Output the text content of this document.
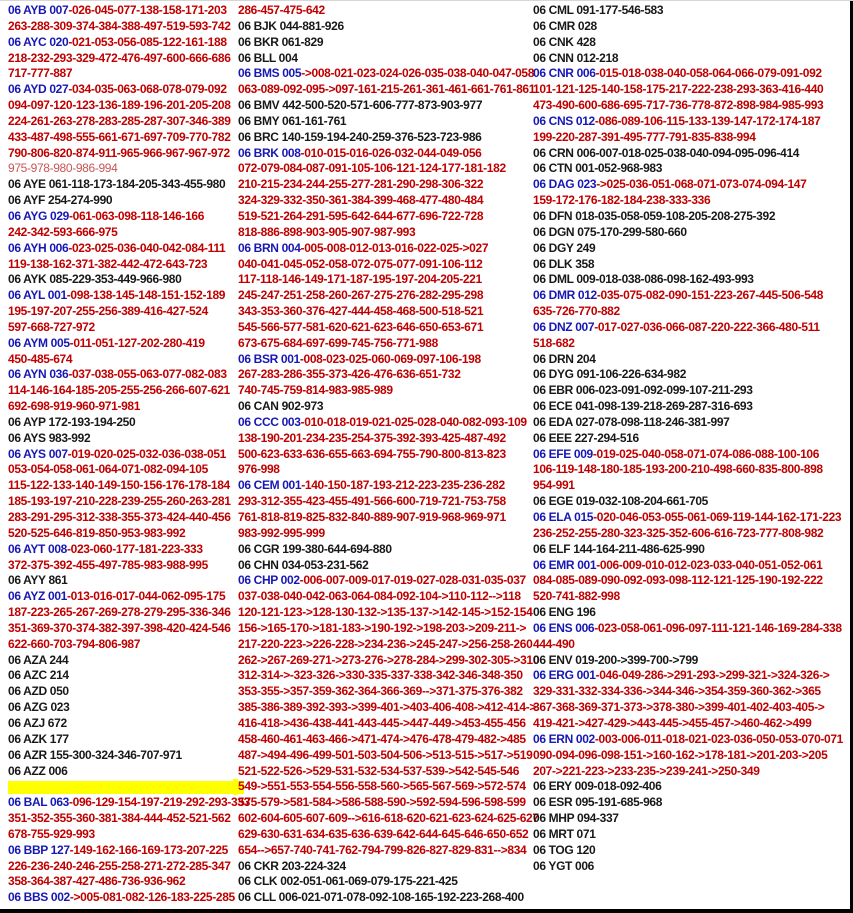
06 AYB 007-026-045-077-138-158-171-203
263-288-309-374-384-388-497-519-593-742
06 AYC 020-021-053-056-085-122-161-188
218-232-293-329-472-476-497-600-666-686
717-777-887
06 AYD 027-034-035-063-068-078-079-092
094-097-120-123-136-189-196-201-205-208
224-261-263-278-283-285-287-307-346-389
433-487-498-555-661-671-697-709-770-782
790-806-820-874-911-965-966-967-967-972
975-978-980-986-994
06 AYE 061-118-173-184-205-343-455-980
06 AYF 254-274-990
06 AYG 029-061-063-098-118-146-166
242-342-593-666-975
06 AYH 006-023-025-036-040-042-084-111
119-138-162-371-382-442-472-643-723
06 AYK 085-229-353-449-966-980
06 AYL 001-098-138-145-148-151-152-189
195-197-207-255-256-389-416-427-524
597-668-727-972
06 AYM 005-011-051-127-202-280-419
450-485-674
06 AYN 036-037-038-055-063-077-082-083
114-146-164-185-205-255-256-266-607-621
692-698-919-960-971-981
06 AYP 172-193-194-250
06 AYS 983-992
06 AYS 007-019-020-025-032-036-038-051
053-054-058-061-064-071-082-094-105
115-122-133-140-149-150-156-176-178-184
185-193-197-210-228-239-255-260-263-281
283-291-295-312-338-355-373-424-440-456
520-525-646-819-850-953-983-992
06 AYT 008-023-060-177-181-223-333
372-375-392-455-497-785-983-988-995
06 AYY 861
06 AYZ 001-013-016-017-044-062-095-175
187-223-265-267-269-278-279-295-336-346
351-369-370-374-382-397-398-420-424-546
622-660-703-794-806-987
06 AZA 244
06 AZC 214
06 AZD 050
06 AZG 023
06 AZJ 672
06 AZK 177
06 AZR 155-300-324-346-707-971
06 AZZ 006
06 BAL 063-096-129-154-197-219-292-293-333
351-352-355-360-381-384-444-452-521-562
678-755-929-993
06 BBP 127-149-162-166-169-173-207-225
226-236-240-246-255-258-271-272-285-347
358-364-387-427-486-736-936-962
06 BBS 002->005-081-082-126-183-225-285
286-457-475-642
06 BJK 044-881-926
06 BKR 061-829
06 BLL 004
06 BMS 005->008-021-023-024-026-035-038-040-047-058
063-089-092-095->097-161-215-261-361-461-661-761-861
06 BMV 442-500-520-571-606-777-873-903-977
06 BMY 061-161-761
06 BRC 140-159-194-240-259-376-523-723-986
06 BRK 008-010-015-016-026-032-044-049-056
072-079-084-087-091-105-106-121-124-177-181-182
210-215-234-244-255-277-281-290-298-306-322
324-329-332-350-361-384-399-468-477-480-484
519-521-264-291-595-642-644-677-696-722-728
818-886-898-903-905-907-987-993
06 BRN 004-005-008-012-013-016-022-025->027
040-041-045-052-058-072-075-077-091-106-112
117-118-146-149-171-187-195-197-204-205-221
245-247-251-258-260-267-275-276-282-295-298
343-353-360-376-427-444-458-468-500-518-521
545-566-577-581-620-621-623-646-650-653-671
673-675-684-697-699-745-756-771-988
06 BSR 001-008-023-025-060-069-097-106-198
267-283-286-355-373-426-476-636-651-732
740-745-759-814-983-985-989
06 CAN 902-973
06 CCC 003-010-018-019-021-025-028-040-082-093-109
138-190-201-234-235-254-375-392-393-425-487-492
500-623-633-636-655-663-694-755-790-800-813-823
976-998
06 CEM 001-140-150-187-193-212-223-235-236-282
293-312-355-423-455-491-566-600-719-721-753-758
761-818-819-825-832-840-889-907-919-968-969-971
983-992-995-999
06 CGR 199-380-644-694-880
06 CHN 034-053-231-562
06 CHP 002-006-007-009-017-019-027-028-031-035-037
037-038-040-042-063-064-084-092-104->110-112-->118
120-121-123->128-130-132->135-137->142-145->152-154
156->165-170->181-183->190-192->198-203->209-211->
217-220-223->226-228->234-236->245-247->256-258-260
262->267-269-271->273-276->278-284->299-302-305->310
312-314->-323-326->330-335-337-338-342-346-348-350
353-355->357-359-362-364-366-369-->371-375-376-382
385-386-389-392-393->399-401->403-406-408->412-414->
416-418->436-438-441-443-445->447-449->453-455-456
458-460-461-463-466->471-474->476-478-479-482->485
487->494-496-499-501-503-504-506->513-515->517->519
521-522-526->529-531-532-534-537-539->542-545-546
549->551-553-554-556-558-560->565-567-569->572-574
575-579->581-584->586-588-590->592-594-596-598-599
602-604-605-607-609-->616-618-620-621-623-624-625-627
629-630-631-634-635-636-639-642-644-645-646-650-652
654-->657-740-741-762-794-799-826-827-829-831-->834
06 CKR 203-224-324
06 CLK 002-051-061-069-079-175-221-425
06 CLL 006-021-071-078-092-108-165-192-223-268-400
06 CML 091-177-546-583
06 CMR 028
06 CNK 428
06 CNN 012-218
06 CNR 006-015-018-038-040-058-064-066-079-091-092
101-121-125-140-158-175-217-222-238-293-363-416-440
473-490-600-686-695-717-736-778-872-898-984-985-993
06 CNS 012-086-089-106-115-133-139-147-172-174-187
199-220-287-391-495-777-791-835-838-994
06 CRN 006-007-018-025-038-040-094-095-096-414
06 CTN 001-052-968-983
06 DAG 023->025-036-051-068-071-073-074-094-147
159-172-176-182-184-238-333-336
06 DFN 018-035-058-059-108-205-208-275-392
06 DGN 075-170-299-580-660
06 DGY 249
06 DLK 358
06 DML 009-018-038-086-098-162-493-993
06 DMR 012-035-075-082-090-151-223-267-445-506-548
635-726-770-882
06 DNZ 007-017-027-036-066-087-220-222-366-480-511
518-682
06 DRN 204
06 DYG 091-106-226-634-982
06 EBR 006-023-091-092-099-107-211-293
06 ECE 041-098-139-218-269-287-316-693
06 EDA 027-078-098-118-246-381-997
06 EEE 227-294-516
06 EFE 009-019-025-040-058-071-074-086-088-100-106
106-119-148-180-185-193-200-210-498-660-835-800-898
954-991
06 EGE 019-032-108-204-661-705
06 ELA 015-020-046-053-055-061-069-119-144-162-171-223
236-252-255-280-323-325-352-606-616-723-777-808-982
06 ELF 144-164-211-486-625-990
06 EMR 001-006-009-010-012-023-033-040-051-052-061
084-085-089-090-092-093-098-112-121-125-190-192-222
520-741-882-998
06 ENG 196
06 ENS 006-023-058-061-096-097-111-121-146-169-284-338
444-490
06 ENV 019-200->399-700->799
06 ERG 001-046-049-286->291-293->299-321->324-326->
329-331-332-334-336->344-346->354-359-360-362->365
367-368-369-371-373->378-380->399-401-402-403-405->
419-421->427-429->443-445->455-457->460-462->499
06 ERN 002-003-006-011-018-021-023-036-050-053-070-071
090-094-096-098-151->160-162->178-181->201-203->205
207->221-223->233-235->239-241->250-349
06 ERY 009-018-092-406
06 ESR 095-191-685-968
06 MHP 094-337
06 MRT 071
06 TOG 120
06 YGT 006
